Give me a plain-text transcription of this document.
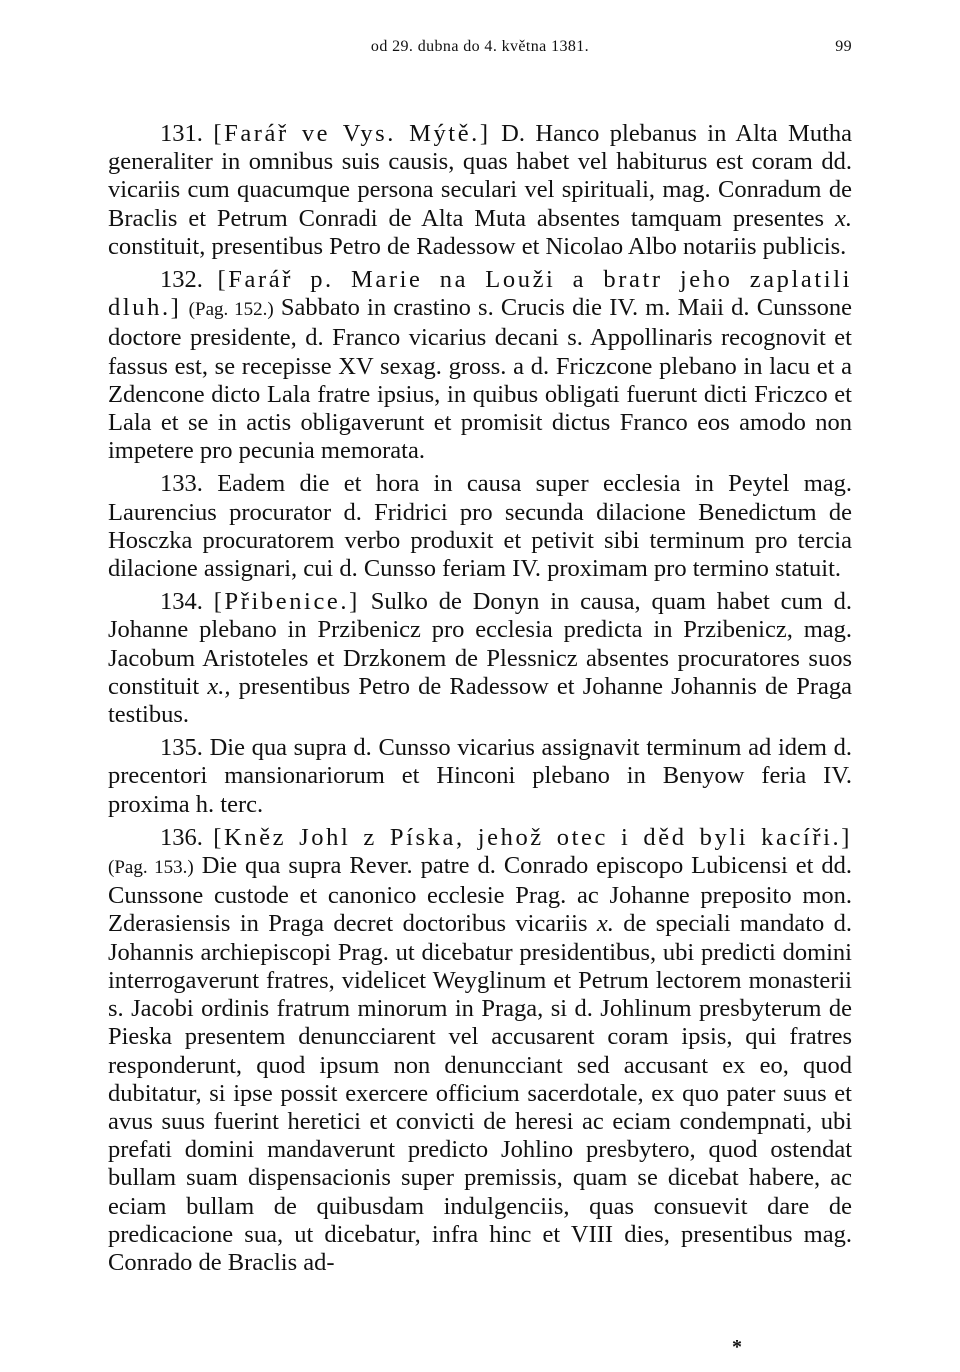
od 29. dubna do 4. května 1381.	99

131. [Farář ve Vys. Mýtě.] D. Hanco plebanus in Alta Mutha generaliter in omnibus suis causis, quas habet vel habiturus est coram dd. vicariis cum quacumque persona seculari vel spirituali, mag. Conradum de Braclis et Petrum Conradi de Alta Muta absentes tamquam presentes x. constituit, presentibus Petro de Radessow et Nicolao Albo notariis publicis.

132. [Farář p. Marie na Louži a bratr jeho zaplatili dluh.] (Pag. 152.) Sabbato in crastino s. Crucis die IV. m. Maii d. Cunssone doctore presidente, d. Franco vicarius decani s. Appollinaris recognovit et fassus est, se recepisse XV sexag. gross. a d. Friczcone plebano in lacu et a Zdencone dicto Lala fratre ipsius, in quibus obligati fuerunt dicti Friczco et Lala et se in actis obligaverunt et promisit dictus Franco eos amodo non impetere pro pecunia memorata.

133. Eadem die et hora in causa super ecclesia in Peytel mag. Laurencius procurator d. Fridrici pro secunda dilacione Benedictum de Hosczka procuratorem verbo produxit et petivit sibi terminum pro tercia dilacione assignari, cui d. Cunsso feriam IV. proximam pro termino statuit.

134. [Přibenice.] Sulko de Donyn in causa, quam habet cum d. Johanne plebano in Przibenicz pro ecclesia predicta in Przibenicz, mag. Jacobum Aristoteles et Drzkonem de Plessnicz absentes procuratores suos constituit x., presentibus Petro de Radessow et Johanne Johannis de Praga testibus.

135. Die qua supra d. Cunsso vicarius assignavit terminum ad idem d. precentori mansionariorum et Hinconi plebano in Benyow feria IV. proxima h. terc.

136. [Kněz Johl z Píska, jehož otec i děd byli kacíři.] (Pag. 153.) Die qua supra Rever. patre d. Conrado episcopo Lubicensi et dd. Cunssone custode et canonico ecclesie Prag. ac Johanne preposito mon. Zderasiensis in Praga decret doctoribus vicariis x. de speciali mandato d. Johannis archiepiscopi Prag. ut dicebatur presidentibus, ubi predicti domini interrogaverunt fratres, videlicet Weyglinum et Petrum lectorem monasterii s. Jacobi ordinis fratrum minorum in Praga, si d. Johlinum presbyterum de Pieska presentem denuncciarent vel accusarent coram ipsis, qui fratres responderunt, quod ipsum non denuncciant sed accusant ex eo, quod dubitatur, si ipse possit exercere officium sacerdotale, ex quo pater suus et avus suus fuerint heretici et convicti de heresi ac eciam condempnati, ubi prefati domini mandaverunt predicto Johlino presbytero, quod ostendat bullam suam dispensacionis super premissis, quam se dicebat habere, ac eciam bullam de quibusdam indulgenciis, quas consuevit dare de predicacione sua, ut dicebatur, infra hinc et VIII dies, presentibus mag. Conrado de Braclis ad-

*
